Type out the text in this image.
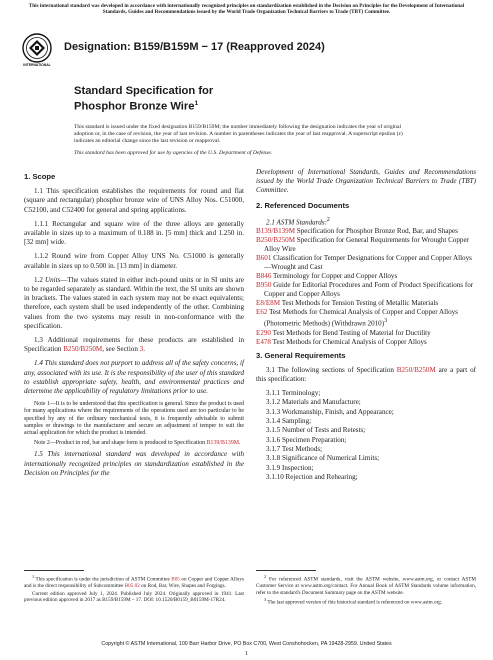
This international standard was developed in accordance with internationally recognized principles on standardization established in the Decision on Principles for the Development of International Standards, Guides and Recommendations issued by the World Trade Organization Technical Barriers to Trade (TBT) Committee.
INTERNATIONAL
Designation: B159/B159M − 17 (Reapproved 2024)
Standard Specification for
Phosphor Bronze Wire$^1$
This standard is issued under the fixed designation B159/B159M; the number immediately following the designation indicates the year of original adoption or, in the case of revision, the year of last revision. A number in parentheses indicates the year of last reapproval. A superscript epsilon (ε) indicates an editorial change since the last revision or reapproval.
This standard has been approved for use by agencies of the U.S. Department of Defense.
1. Scope

1.1 This specification establishes the requirements for round and flat (square and rectangular) phosphor bronze wire of UNS Alloy Nos. C51000, C52100, and C52400 for general and spring applications.

1.1.1 Rectangular and square wire of the three alloys are generally available in sizes up to a maximum of 0.188 in. [5 mm] thick and 1.250 in. [32 mm] wide.

1.1.2 Round wire from Copper Alloy UNS No. C51000 is generally available in sizes up to 0.500 in. [13 mm] in diameter.

1.2 Units—The values stated in either inch-pound units or in SI units are to be regarded separately as standard. Within the text, the SI units are shown in brackets. The values stated in each system may not be exact equivalents; therefore, each system shall be used independently of the other. Combining values from the two systems may result in non-conformance with the specification.

1.3 Additional requirements for these products are established in Specification B250/B250M, see Section 3.

1.4 This standard does not purport to address all of the safety concerns, if any, associated with its use. It is the responsibility of the user of this standard to establish appropriate safety, health, and environmental practices and determine the applicability of regulatory limitations prior to use.

Note 1—It is to be understood that this specification is general. Since the product is used for many applications where the requirements of the operations used are too particular to be specified by any of the ordinary mechanical tests, it is frequently advisable to submit samples or drawings to the manufacturer and secure an adjustment of temper to suit the actual application for which the product is intended.

Note 2—Product in rod, bar and shape form is produced to Specification B139/B139M.

1.5 This international standard was developed in accordance with internationally recognized principles on standardization established in the Decision on Principles for the

Development of International Standards, Guides and Recommendations issued by the World Trade Organization Technical Barriers to Trade (TBT) Committee.

2. Referenced Documents

2.1 ASTM Standards:$^2$

B139/B139M Specification for Phosphor Bronze Rod, Bar, and Shapes

B250/B250M Specification for General Requirements for Wrought Copper Alloy Wire

B601 Classification for Temper Designations for Copper and Copper Alloys—Wrought and Cast

B846 Terminology for Copper and Copper Alloys

B950 Guide for Editorial Procedures and Form of Product Specifications for Copper and Copper Alloys

E8/E8M Test Methods for Tension Testing of Metallic Materials

E62 Test Methods for Chemical Analysis of Copper and Copper Alloys (Photometric Methods) (Withdrawn 2010)$^3$

E290 Test Methods for Bend Testing of Material for Ductility

E478 Test Methods for Chemical Analysis of Copper Alloys

3. General Requirements

3.1 The following sections of Specification B250/B250M are a part of this specification:

3.1.1 Terminology;

3.1.2 Materials and Manufacture;

3.1.3 Workmanship, Finish, and Appearance;

3.1.4 Sampling;

3.1.5 Number of Tests and Retests;

3.1.6 Specimen Preparation;

3.1.7 Test Methods;

3.1.8 Significance of Numerical Limits;

3.1.9 Inspection;

3.1.10 Rejection and Rehearing;

$^1$ This specification is under the jurisdiction of ASTM Committee B05 on Copper and Copper Alloys and is the direct responsibility of Subcommittee B05.02 on Rod, Bar, Wire, Shapes and Forgings.

Current edition approved July 1, 2024. Published July 2024. Originally approved in 1941. Last previous edition approved in 2017 as B159/B159M – 17. DOI: 10.1520/B0159_B0159M-17R24.

$^2$ For referenced ASTM standards, visit the ASTM website, www.astm.org, or contact ASTM Customer Service at www.astm.org/contact. For Annual Book of ASTM Standards volume information, refer to the standard's Document Summary page on the ASTM website.

$^3$ The last approved version of this historical standard is referenced on www.astm.org.

Copyright © ASTM International, 100 Barr Harbor Drive, PO Box C700, West Conshohocken, PA 19428-2959. United States
1
